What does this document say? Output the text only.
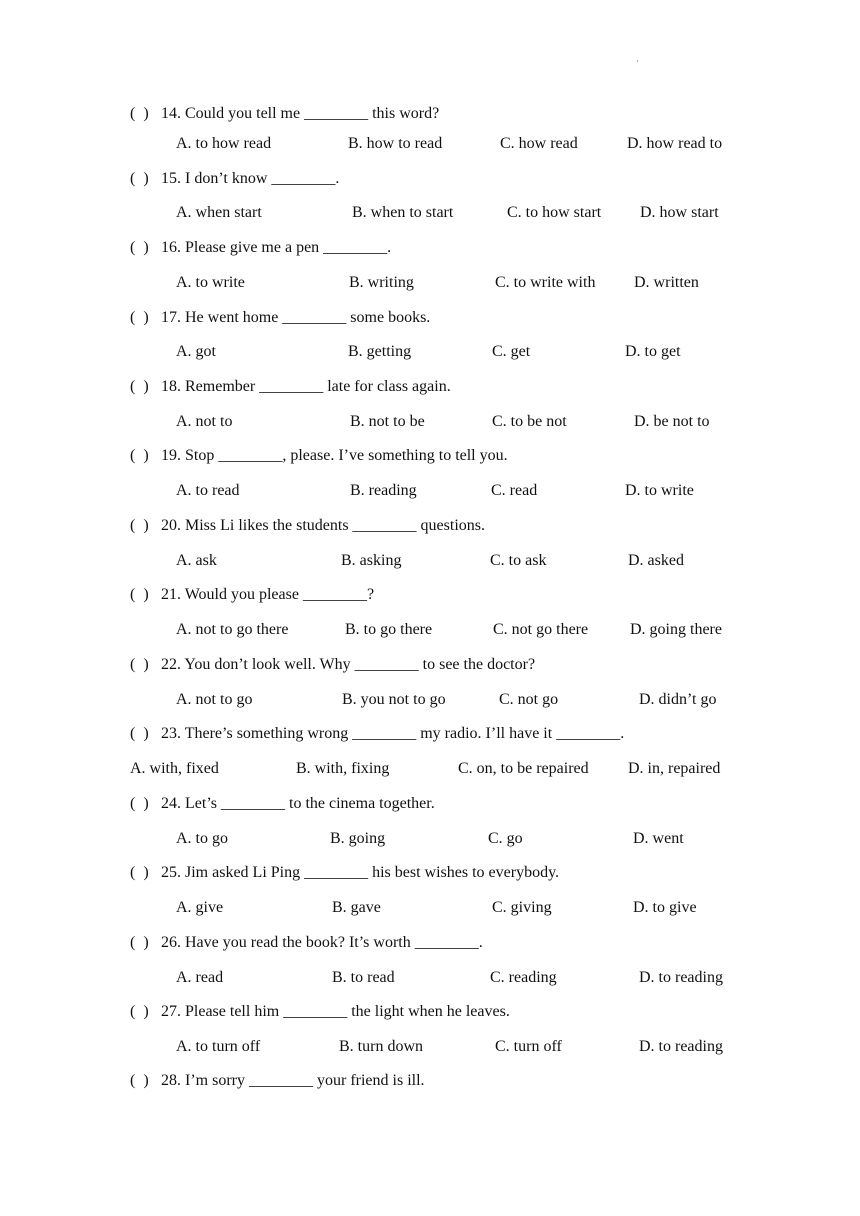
·
(  ) 14. Could you tell me ________ this word?
A. to how read	B. how to read	C. how read	D. how read to
(  ) 15. I don’t know ________.
A. when start	B. when to start	C. to how start D. how start
(  ) 16. Please give me a pen ________.
A. to write	B. writing	C. to write with D. written
(  ) 17. He went home ________ some books.
A. got	B. getting	C. get	D. to get
(  ) 18. Remember ________ late for class again.
A. not to	B. not to be	C. to be not	D. be not to
(  ) 19. Stop ________, please. I’ve something to tell you.
A. to read	B. reading	C. read	D. to write
(  ) 20. Miss Li likes the students ________ questions.
A. ask	B. asking	C. to ask	D. asked
(  ) 21. Would you please ________?
A. not to go there	B. to go there	C. not go there	D. going there
(  ) 22. You don’t look well. Why ________ to see the doctor?
A. not to go	B. you not to go	C. not go	D. didn’t go
(  ) 23. There’s something wrong ________ my radio. I’ll have it ________.
A. with, fixed	B. with, fixing	C. on, to be repaired D. in, repaired
(  ) 24. Let’s ________ to the cinema together.
A. to go	B. going	C. go	D. went
(  ) 25. Jim asked Li Ping ________ his best wishes to everybody.
A. give	B. gave	C. giving	D. to give
(  ) 26. Have you read the book? It’s worth ________.
A. read	B. to read	C. reading	D. to reading
(  ) 27. Please tell him ________ the light when he leaves.
A. to turn off	B. turn down	C. turn off	D. to reading
(  ) 28. I’m sorry ________ your friend is ill.
